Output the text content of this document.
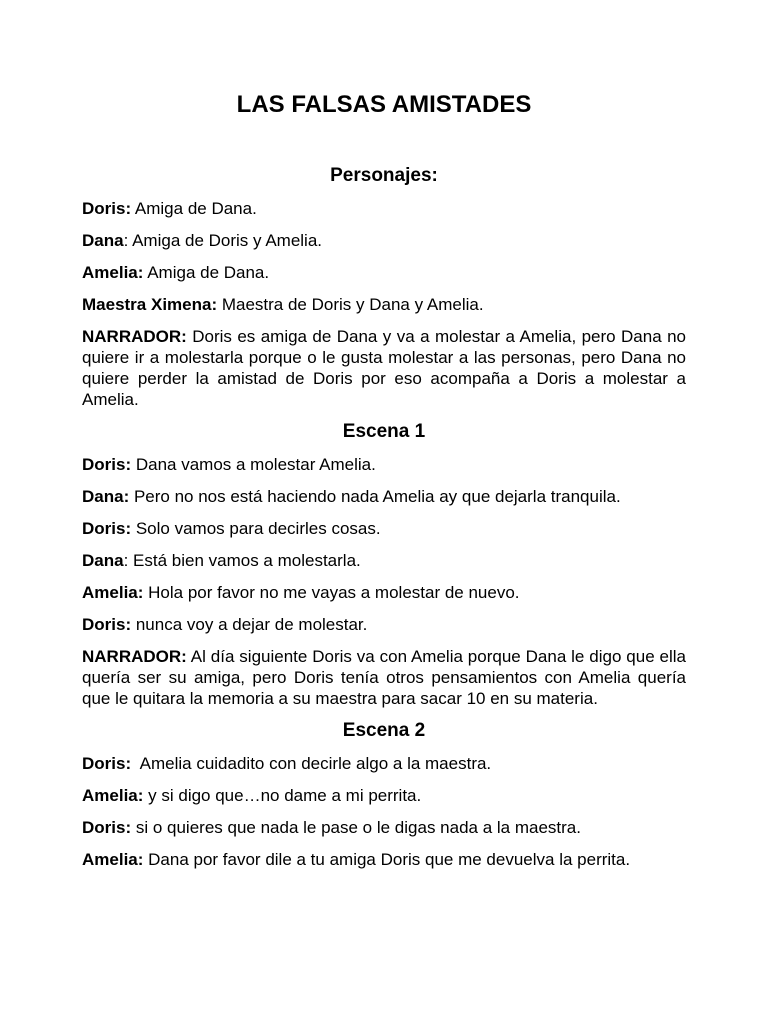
LAS FALSAS AMISTADES
Personajes:

Doris: Amiga de Dana.

Dana: Amiga de Doris y Amelia.

Amelia: Amiga de Dana.

Maestra Ximena: Maestra de Doris y Dana y Amelia.

NARRADOR: Doris es amiga de Dana y va a molestar a Amelia, pero Dana no quiere ir a molestarla porque o le gusta molestar a las personas, pero Dana no quiere perder la amistad de Doris por eso acompaña a Doris a molestar a Amelia.

Escena 1

Doris: Dana vamos a molestar Amelia.

Dana: Pero no nos está haciendo nada Amelia ay que dejarla tranquila.

Doris: Solo vamos para decirles cosas.

Dana: Está bien vamos a molestarla.

Amelia: Hola por favor no me vayas a molestar de nuevo.

Doris: nunca voy a dejar de molestar.

NARRADOR: Al día siguiente Doris va con Amelia porque Dana le digo que ella quería ser su amiga, pero Doris tenía otros pensamientos con Amelia quería que le quitara la memoria a su maestra para sacar 10 en su materia.

Escena 2

Doris:  Amelia cuidadito con decirle algo a la maestra.

Amelia: y si digo que…no dame a mi perrita.

Doris: si o quieres que nada le pase o le digas nada a la maestra.

Amelia: Dana por favor dile a tu amiga Doris que me devuelva la perrita.
